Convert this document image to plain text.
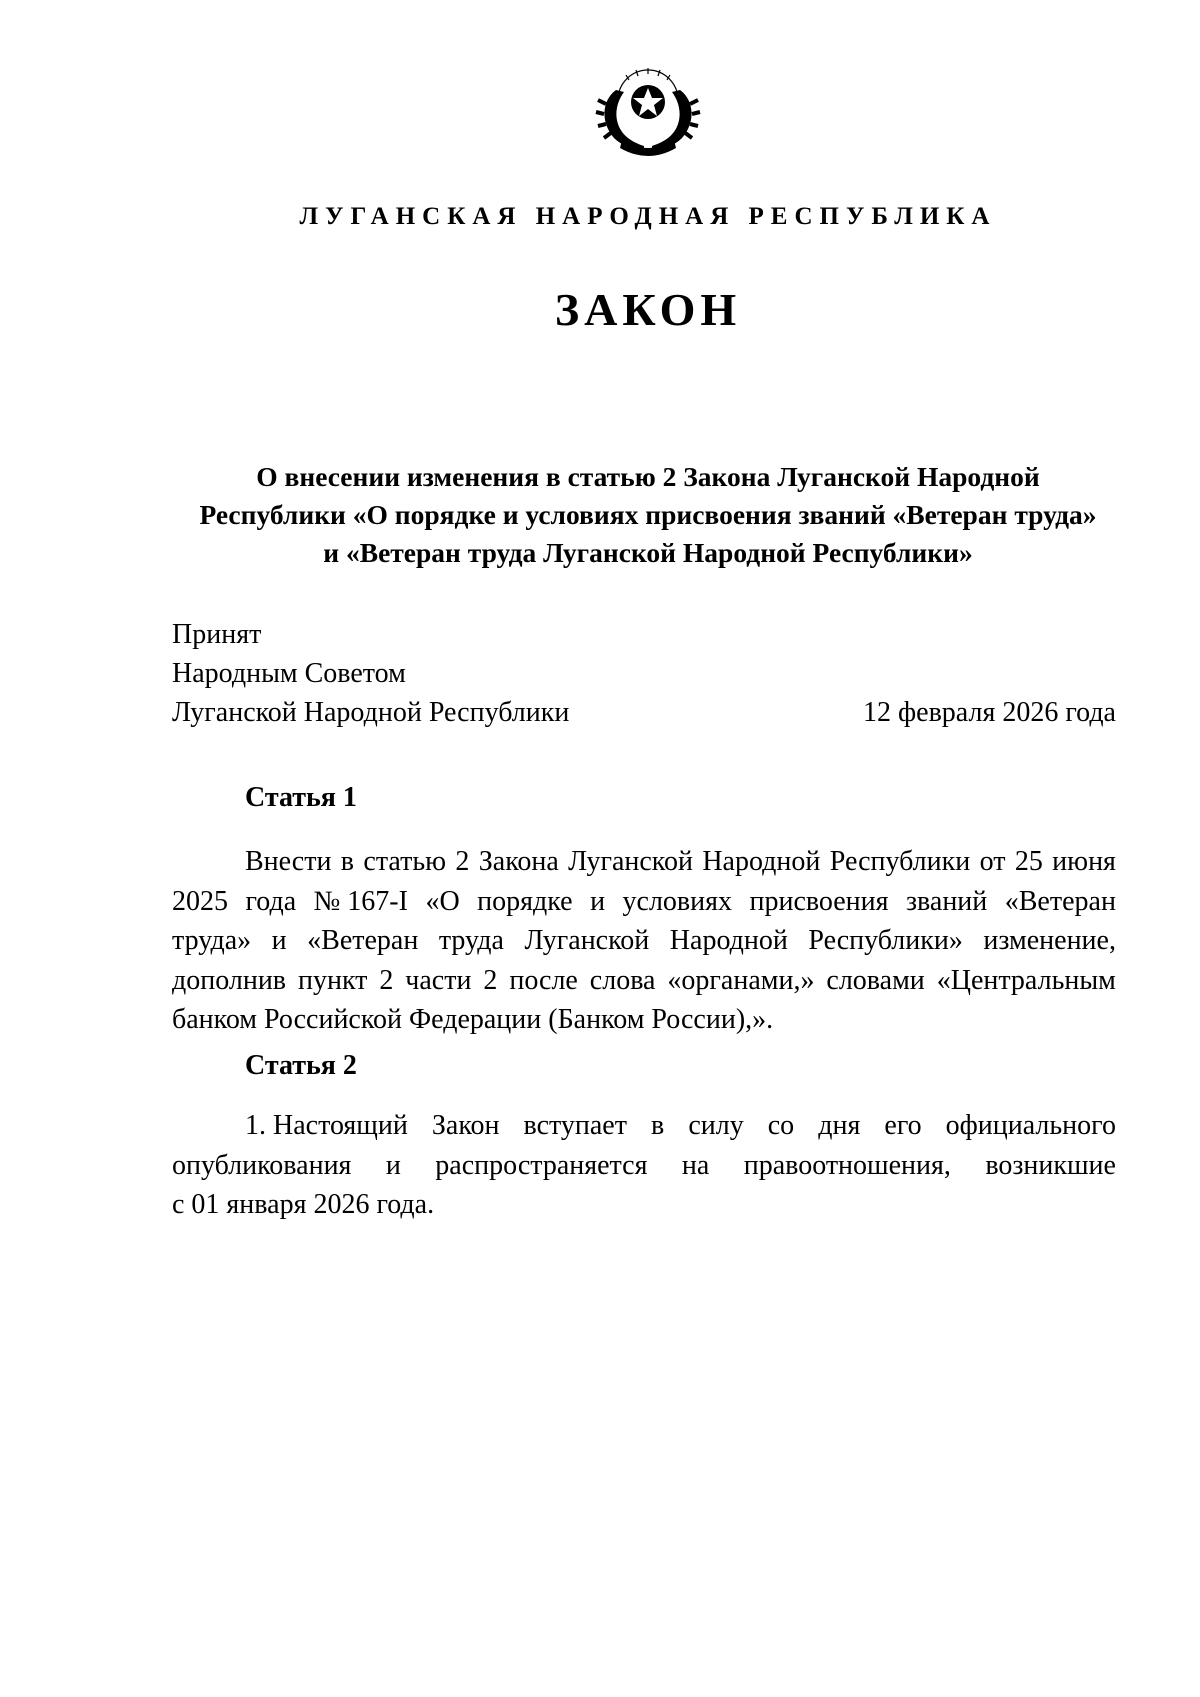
ЛУГАНСКАЯ НАРОДНАЯ РЕСПУБЛИКА
ЗАКОН
О внесении изменения в статью 2 Закона Луганской Народной
Республики «О порядке и условиях присвоения званий «Ветеран труда»
и «Ветеран труда Луганской Народной Республики»
Принят
Народным Советом
Луганской Народной Республики	12 февраля 2026 года
Статья 1
Внести в статью 2 Закона Луганской Народной Республики от 25 июня
2025 года № 167-I «О порядке и условиях присвоения званий «Ветеран
труда» и «Ветеран труда Луганской Народной Республики» изменение,
дополнив пункт 2 части 2 после слова «органами,» словами «Центральным
банком Российской Федерации (Банком России),».
Статья 2
1. Настоящий Закон вступает в силу со дня его официального
опубликования и распространяется на правоотношения, возникшие
с 01 января 2026 года.
